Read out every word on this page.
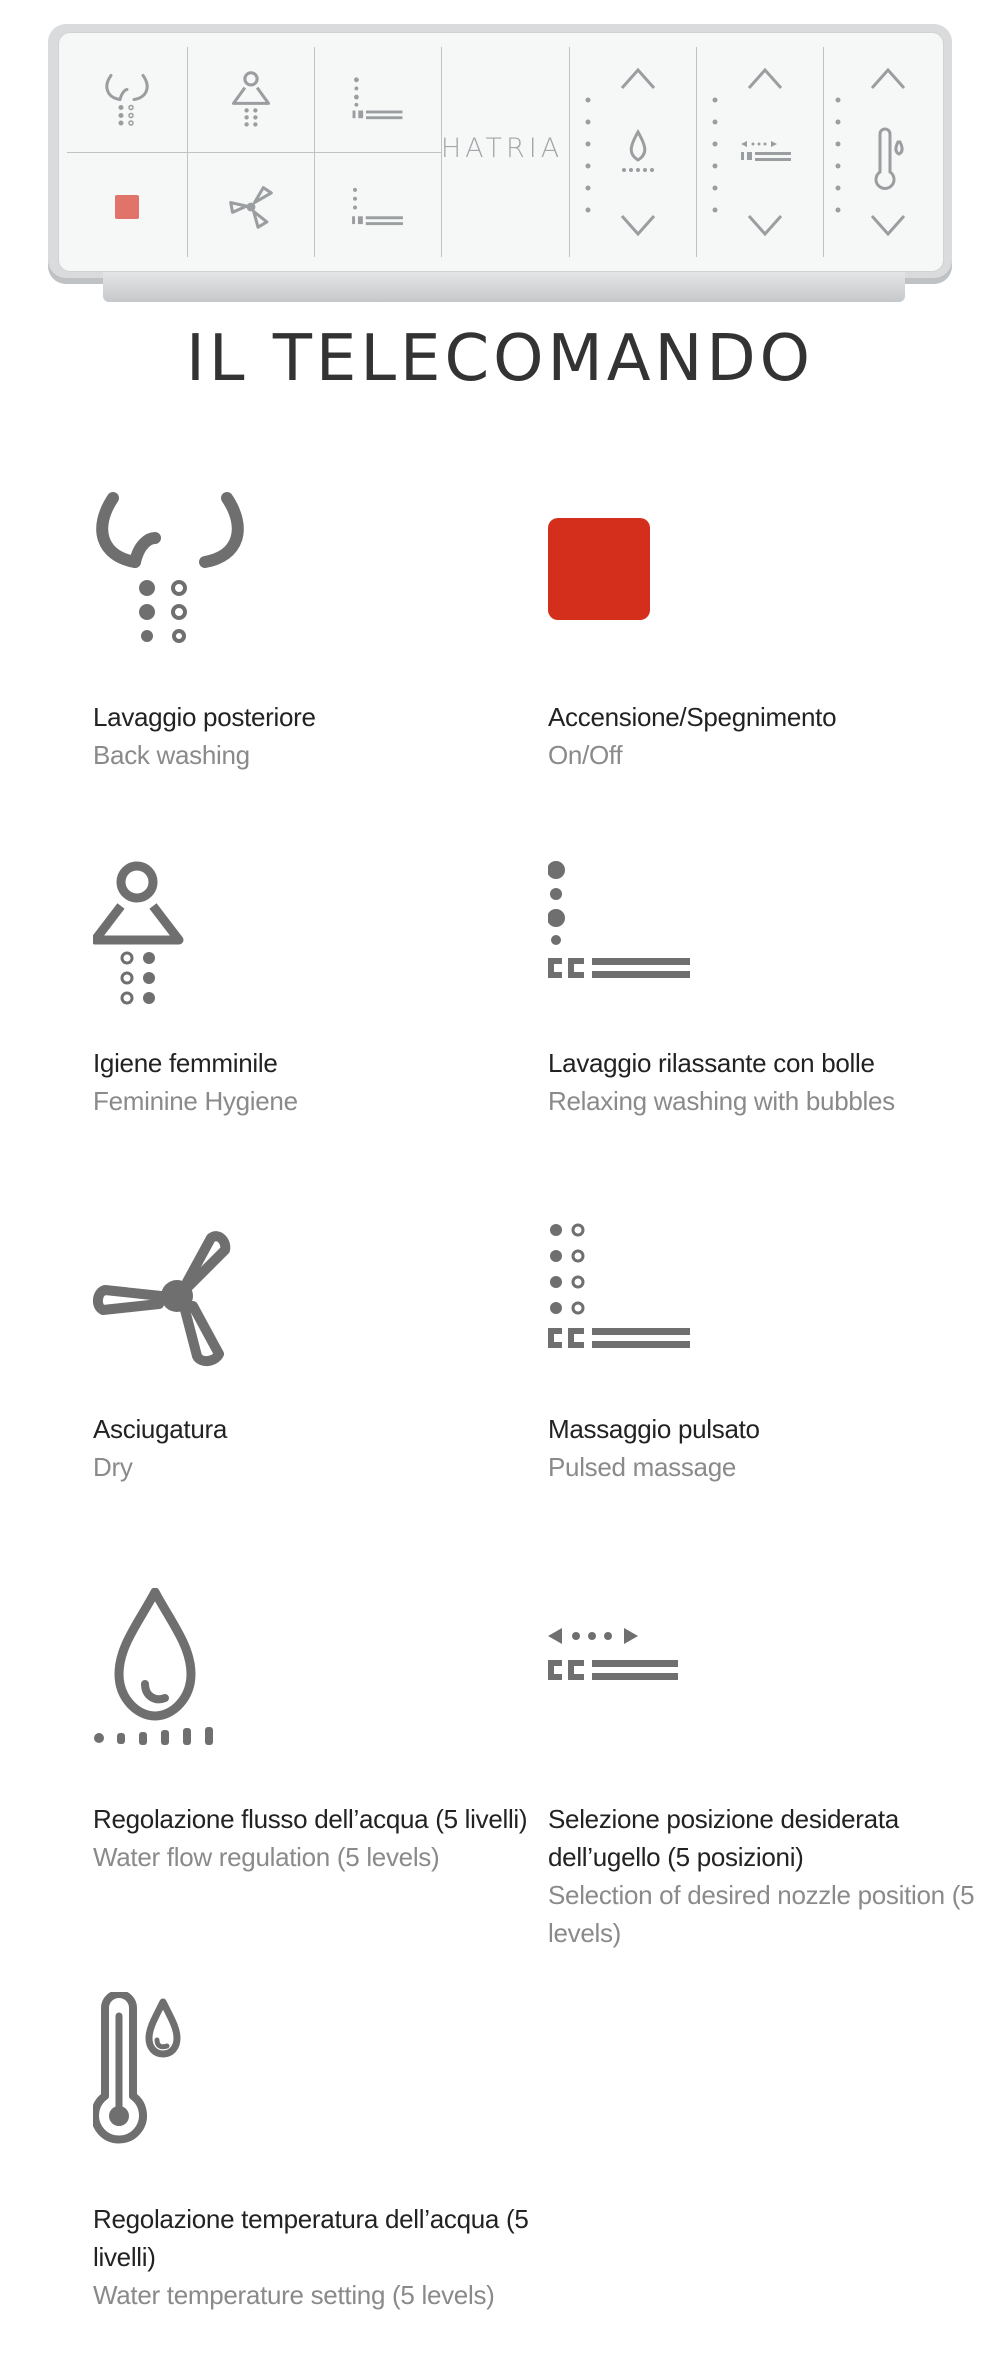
HATRIA
IL TELECOMANDO
Lavaggio posteriore
Back washing
Accensione/Spegnimento
On/Off
Igiene femminile
Feminine Hygiene
Lavaggio rilassante con bolle
Relaxing washing with bubbles
Asciugatura
Dry
Massaggio pulsato
Pulsed massage
Regolazione flusso dell’acqua (5 livelli)
Water flow regulation (5 levels)
Selezione posizione desiderata dell’ugello (5 posizioni)
Selection of desired nozzle position (5 levels)
Regolazione temperatura dell’acqua (5 livelli)
Water temperature setting (5 levels)
